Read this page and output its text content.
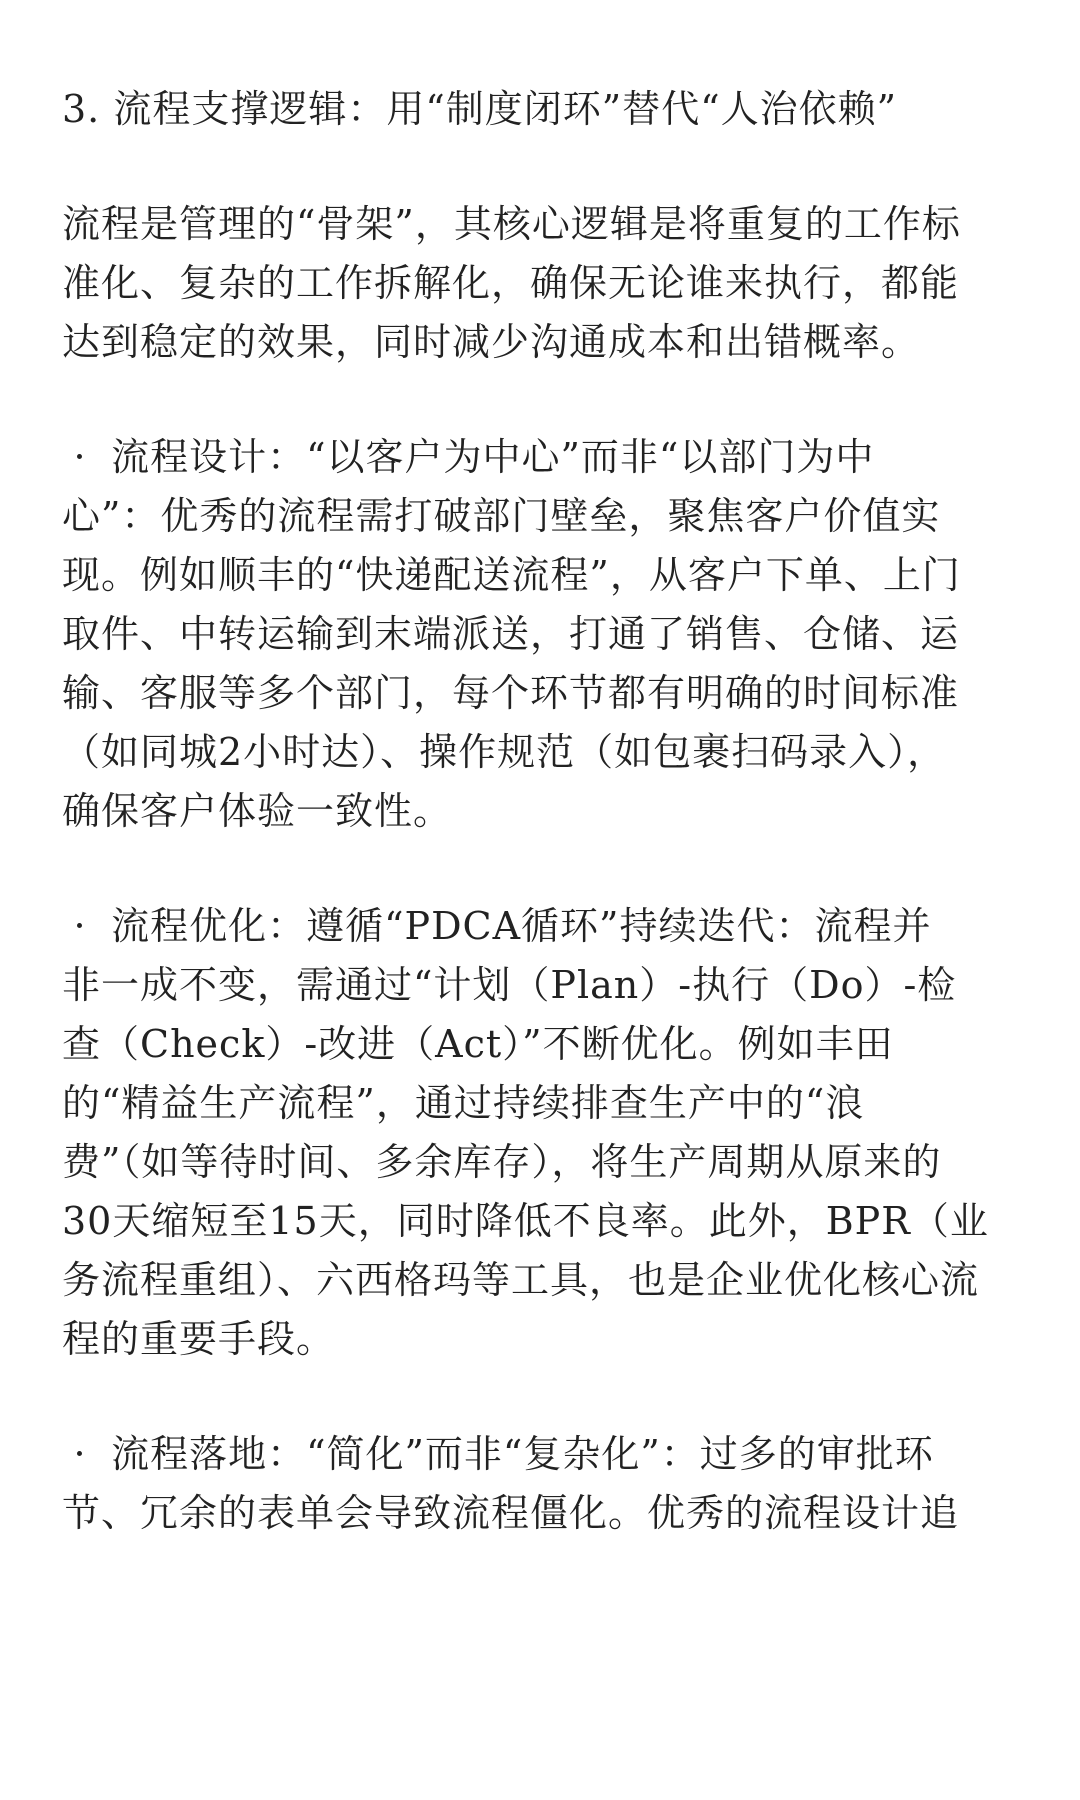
3. 流程支撑逻辑：用“制度闭环”替代“人治依赖”
流程是管理的“骨架”，其核心逻辑是将重复的工作标
准化、复杂的工作拆解化，确保无论谁来执行，都能
达到稳定的效果，同时减少沟通成本和出错概率。
· 流程设计：“以客户为中心”而非“以部门为中
心”：优秀的流程需打破部门壁垒，聚焦客户价值实
现。例如顺丰的“快递配送流程”，从客户下单、上门
取件、中转运输到末端派送，打通了销售、仓储、运
输、客服等多个部门，每个环节都有明确的时间标准
（如同城2小时达）、操作规范（如包裹扫码录入），
确保客户体验一致性。
· 流程优化：遵循“PDCA循环”持续迭代：流程并
非一成不变，需通过“计划（Plan）-执行（Do）-检
查（Check）-改进（Act）”不断优化。例如丰田
的“精益生产流程”，通过持续排查生产中的“浪
费”（如等待时间、多余库存），将生产周期从原来的
30天缩短至15天，同时降低不良率。此外，BPR（业
务流程重组）、六西格玛等工具，也是企业优化核心流
程的重要手段。
· 流程落地：“简化”而非“复杂化”：过多的审批环
节、冗余的表单会导致流程僵化。优秀的流程设计追
